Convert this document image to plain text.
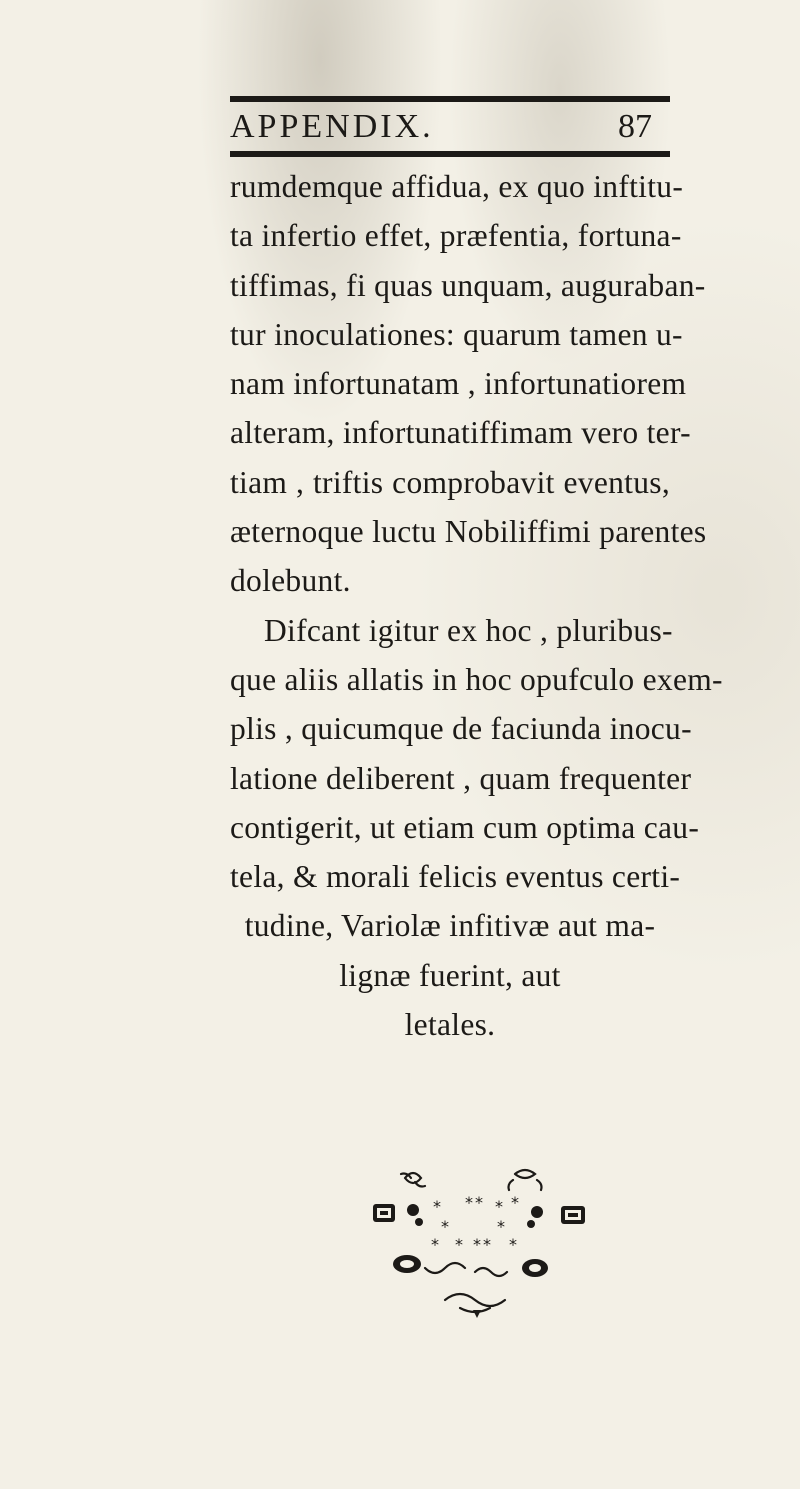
APPENDIX.	87
rumdemque affidua, ex quo inftitu-
ta infertio effet, præfentia, fortuna-
tiffimas, fi quas unquam, auguraban-
tur inoculationes: quarum tamen u-
nam infortunatam , infortunatiorem
alteram, infortunatiffimam vero ter-
tiam , triftis comprobavit eventus,
æternoque luctu Nobiliffimi parentes
dolebunt.
Difcant igitur ex hoc , pluribus-
que aliis allatis in hoc opufculo exem-
plis , quicumque de faciunda inocu-
latione deliberent , quam frequenter
contigerit, ut etiam cum optima cau-
tela, & morali felicis eventus certi-
tudine, Variolæ infitivæ aut ma-
lignæ fuerint, aut
letales.
* * * * *
*	*
* * *
*	*
